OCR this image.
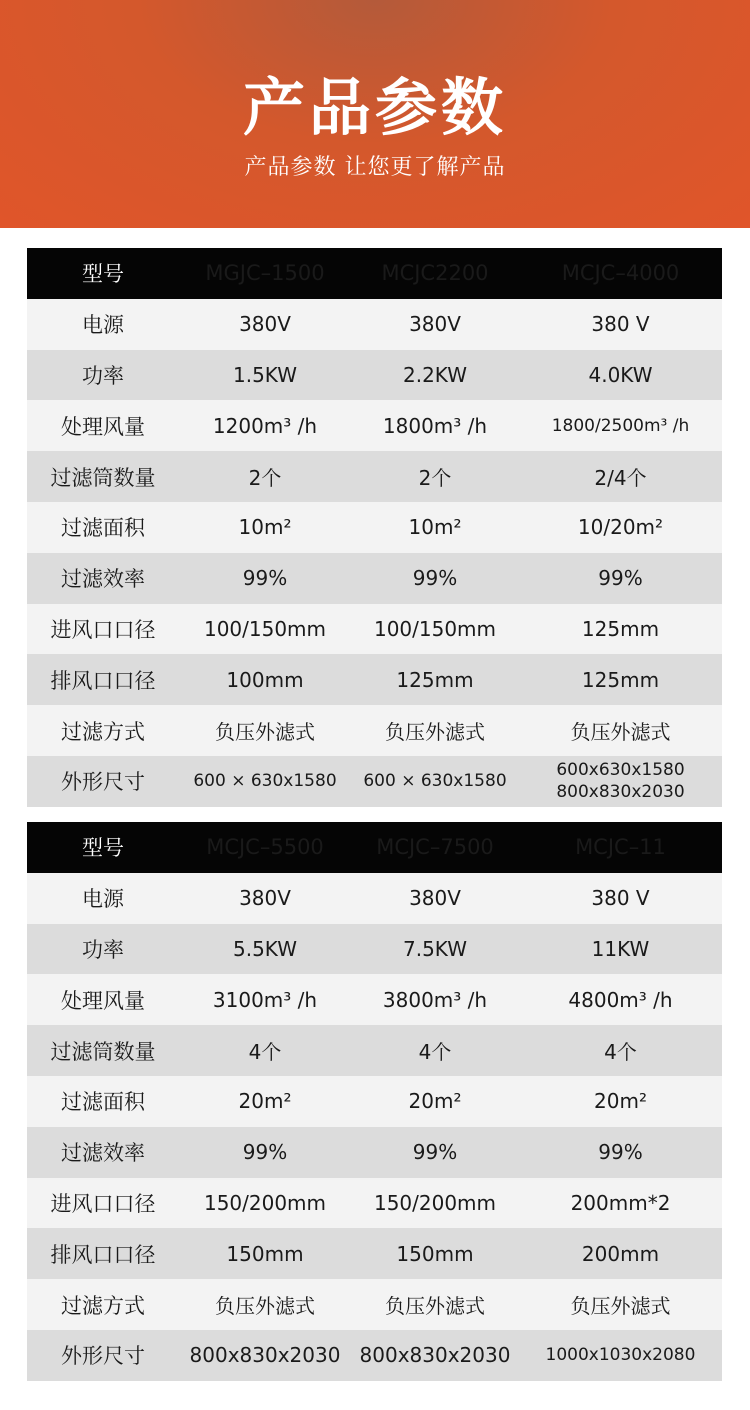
产品参数
产品参数 让您更了解产品
型号	MGJC–1500	MCJC2200	MCJC–4000
电源	380V	380V	380 V
功率	1.5KW	2.2KW	4.0KW
处理风量	1200m³ /h	1800m³ /h	1800/2500m³ /h
过滤筒数量	2个	2个	2/4个
过滤面积	10m²	10m²	10/20m²
过滤效率	99%	99%	99%
进风口口径	100/150mm	100/150mm	125mm
排风口口径	100mm	125mm	125mm
过滤方式	负压外滤式	负压外滤式	负压外滤式
外形尺寸	600 × 630x1580	600 × 630x1580	600x630x1580
800x830x2030
型号	MCJC–5500	MCJC–7500	MCJC–11
电源	380V	380V	380 V
功率	5.5KW	7.5KW	11KW
处理风量	3100m³ /h	3800m³ /h	4800m³ /h
过滤筒数量	4个	4个	4个
过滤面积	20m²	20m²	20m²
过滤效率	99%	99%	99%
进风口口径	150/200mm	150/200mm	200mm*2
排风口口径	150mm	150mm	200mm
过滤方式	负压外滤式	负压外滤式	负压外滤式
外形尺寸	800x830x2030	800x830x2030	1000x1030x2080
